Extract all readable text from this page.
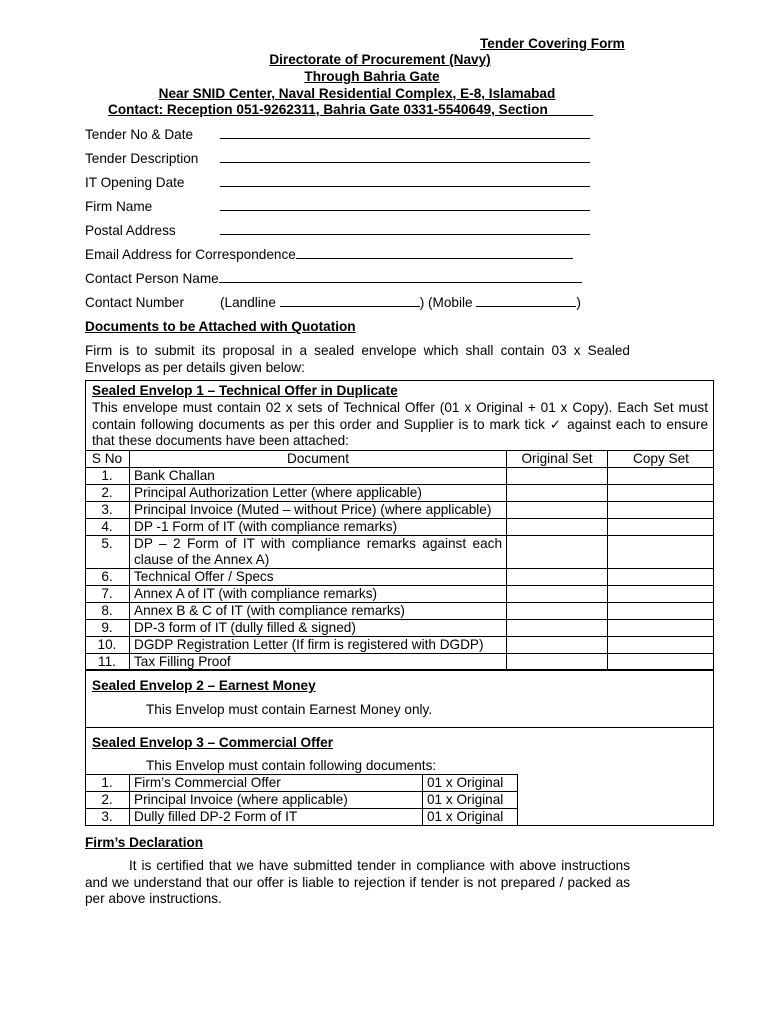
Tender Covering Form
Directorate of Procurement (Navy)
Through Bahria Gate
Near SNID Center, Naval Residential Complex, E-8, Islamabad
Contact: Reception 051-9262311, Bahria Gate 0331-5540649, Section______
Tender No & Date
Tender Description
IT Opening Date
Firm Name
Postal Address
Email Address for Correspondence
Contact Person Name
Contact Number	(Landline	) (Mobile	)
Documents to be Attached with Quotation
Firm is to submit its proposal in a sealed envelope which shall contain 03 x Sealed Envelops as per details given below:
Sealed Envelop 1 – Technical Offer in Duplicate
This envelope must contain 02 x sets of Technical Offer (01 x Original + 01 x Copy). Each Set must contain following documents as per this order and Supplier is to mark tick ✓ against each to ensure that these documents have been attached:
S No	Document	Original Set	Copy Set
1.	Bank Challan		
2.	Principal Authorization Letter (where applicable)		
3.	Principal Invoice (Muted – without Price) (where applicable)		
4.	DP -1 Form of IT (with compliance remarks)		
5.	DP – 2 Form of IT with compliance remarks against each clause of the Annex A)		
6.	Technical Offer / Specs		
7.	Annex A of IT (with compliance remarks)		
8.	Annex B & C of IT (with compliance remarks)		
9.	DP-3 form of IT (dully filled & signed)		
10.	DGDP Registration Letter (If firm is registered with DGDP)		
11.	Tax Filling Proof		
Sealed Envelop 2 – Earnest Money
This Envelop must contain Earnest Money only.
Sealed Envelop 3 – Commercial Offer
This Envelop must contain following documents:
1.	Firm’s Commercial Offer	01 x Original
2.	Principal Invoice (where applicable)	01 x Original
3.	Dully filled DP-2 Form of IT	01 x Original
Firm’s Declaration
It is certified that we have submitted tender in compliance with above instructions and we understand that our offer is liable to rejection if tender is not prepared / packed as per above instructions.
